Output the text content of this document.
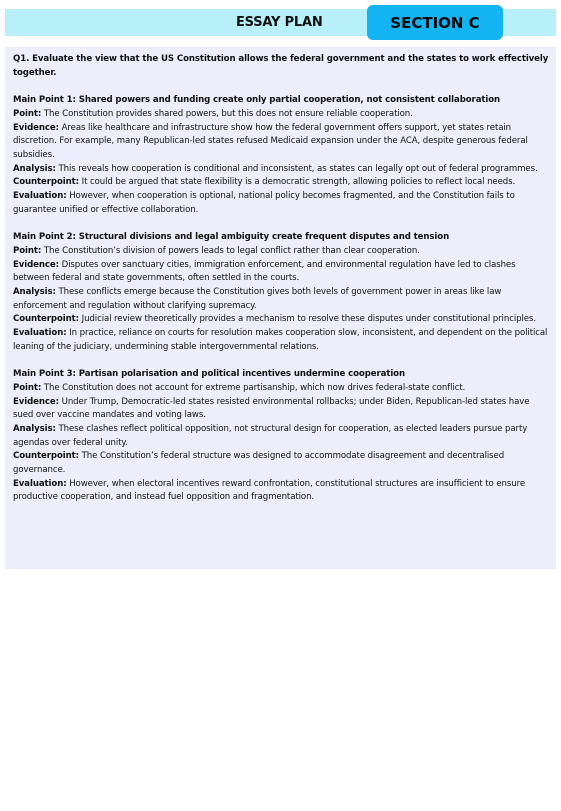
ESSAY PLAN	SECTION C

Q1. Evaluate the view that the US Constitution allows the federal government and the states to work effectively together.

Main Point 1: Shared powers and funding create only partial cooperation, not consistent collaboration

Point: The Constitution provides shared powers, but this does not ensure reliable cooperation.

Evidence: Areas like healthcare and infrastructure show how the federal government offers support, yet states retain discretion. For example, many Republican-led states refused Medicaid expansion under the ACA, despite generous federal subsidies.

Analysis: This reveals how cooperation is conditional and inconsistent, as states can legally opt out of federal programmes.

Counterpoint: It could be argued that state flexibility is a democratic strength, allowing policies to reflect local needs.

Evaluation: However, when cooperation is optional, national policy becomes fragmented, and the Constitution fails to guarantee unified or effective collaboration.

Main Point 2: Structural divisions and legal ambiguity create frequent disputes and tension

Point: The Constitution’s division of powers leads to legal conflict rather than clear cooperation.

Evidence: Disputes over sanctuary cities, immigration enforcement, and environmental regulation have led to clashes between federal and state governments, often settled in the courts.

Analysis: These conflicts emerge because the Constitution gives both levels of government power in areas like law enforcement and regulation without clarifying supremacy.

Counterpoint: Judicial review theoretically provides a mechanism to resolve these disputes under constitutional principles.

Evaluation: In practice, reliance on courts for resolution makes cooperation slow, inconsistent, and dependent on the political leaning of the judiciary, undermining stable intergovernmental relations.

Main Point 3: Partisan polarisation and political incentives undermine cooperation

Point: The Constitution does not account for extreme partisanship, which now drives federal-state conflict.

Evidence: Under Trump, Democratic-led states resisted environmental rollbacks; under Biden, Republican-led states have sued over vaccine mandates and voting laws.

Analysis: These clashes reflect political opposition, not structural design for cooperation, as elected leaders pursue party agendas over federal unity.

Counterpoint: The Constitution’s federal structure was designed to accommodate disagreement and decentralised governance.

Evaluation: However, when electoral incentives reward confrontation, constitutional structures are insufficient to ensure productive cooperation, and instead fuel opposition and fragmentation.
